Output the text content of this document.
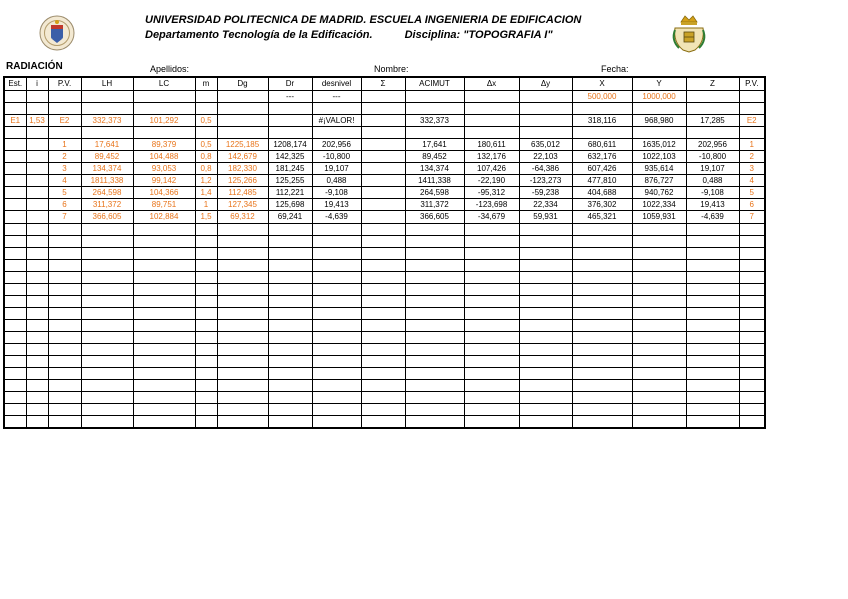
UNIVERSIDAD POLITECNICA DE MADRID. ESCUELA INGENIERIA DE EDIFICACION
Departamento Tecnología de la Edificación.	Disciplina: "TOPOGRAFIA I"
RADIACIÓN	Apellidos:	Nombre:	Fecha:
Est.	i	P.V.	LH	LC	m	Dg	Dr	desnivel	Σ	ACIMUT	Δx	Δy	X	Y	Z	P.V.
							---	---					500,000	1000,000		

E1	1,53	E2	332,373	101,292	0,5			#¡VALOR!		332,373			318,116	968,980	17,285	E2

		1	17,641	89,379	0,5	1225,185	1208,174	202,956		17,641	180,611	635,012	680,611	1635,012	202,956	1
		2	89,452	104,488	0,8	142,679	142,325	-10,800		89,452	132,176	22,103	632,176	1022,103	-10,800	2
		3	134,374	93,053	0,8	182,330	181,245	19,107		134,374	107,426	-64,386	607,426	935,614	19,107	3
		4	1811,338	99,142	1,2	125,266	125,255	0,488		1411,338	-22,190	-123,273	477,810	876,727	0,488	4
		5	264,598	104,366	1,4	112,485	112,221	-9,108		264,598	-95,312	-59,238	404,688	940,762	-9,108	5
		6	311,372	89,751	1	127,345	125,698	19,413		311,372	-123,698	22,334	376,302	1022,334	19,413	6
		7	366,605	102,884	1,5	69,312	69,241	-4,639		366,605	-34,679	59,931	465,321	1059,931	-4,639	7
